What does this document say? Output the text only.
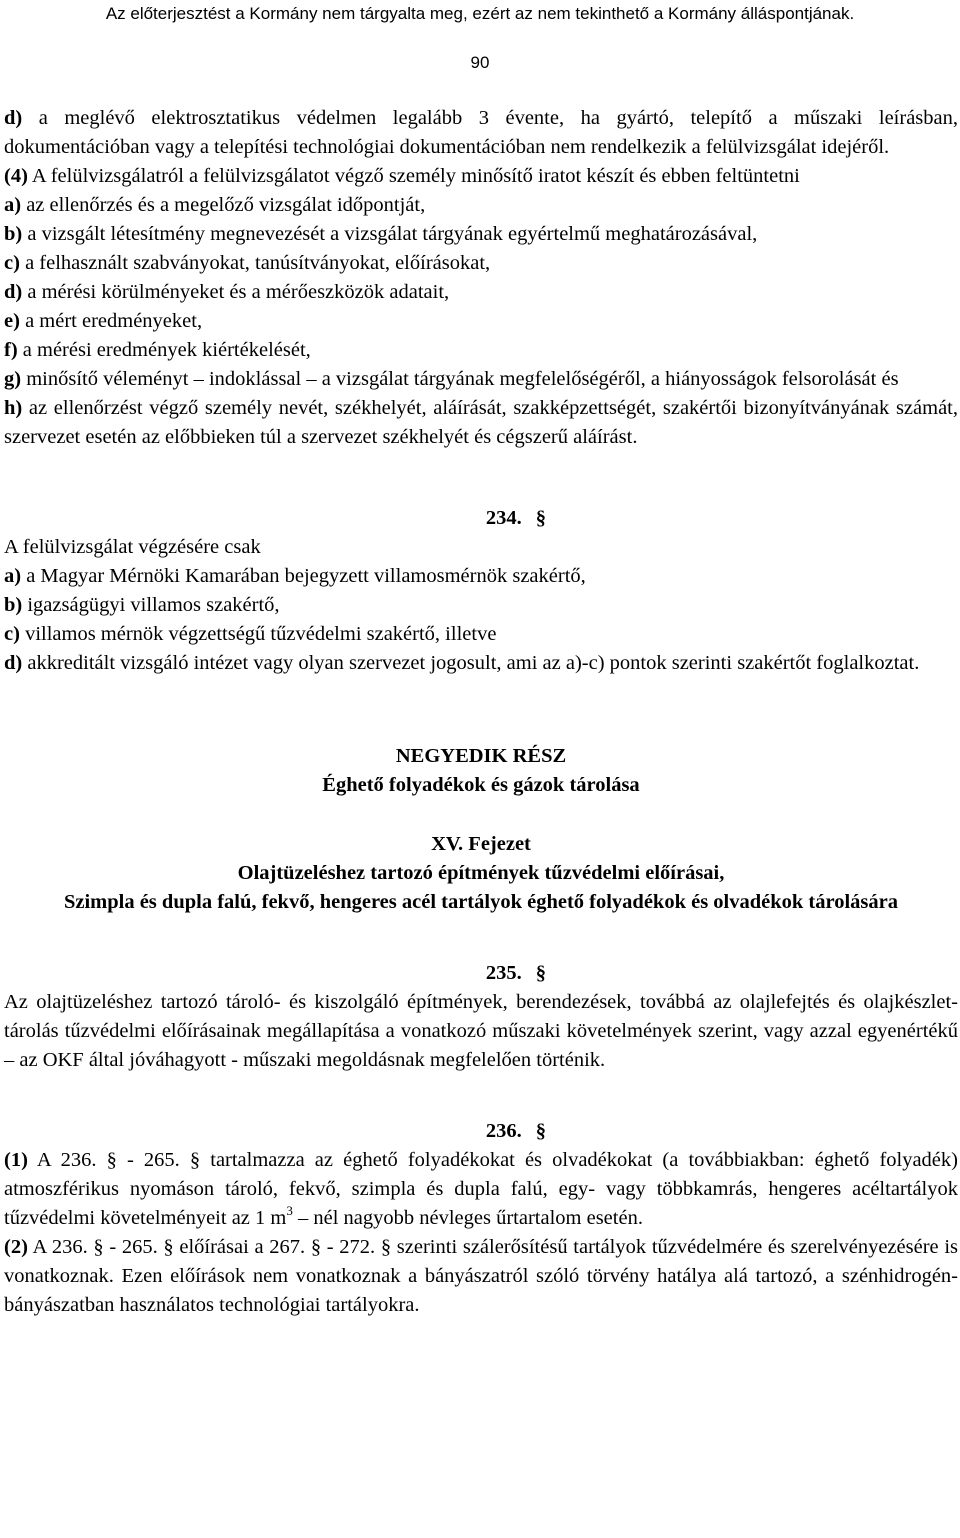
Az előterjesztést a Kormány nem tárgyalta meg, ezért az nem tekinthető a Kormány álláspontjának.
90

d) a meglévő elektrosztatikus védelmen legalább 3 évente, ha gyártó, telepítő a műszaki leírásban, dokumentációban vagy a telepítési technológiai dokumentációban nem rendelkezik a felülvizsgálat idejéről.

(4) A felülvizsgálatról a felülvizsgálatot végző személy minősítő iratot készít és ebben feltüntetni

a) az ellenőrzés és a megelőző vizsgálat időpontját,

b) a vizsgált létesítmény megnevezését a vizsgálat tárgyának egyértelmű meghatározásával,

c) a felhasznált szabványokat, tanúsítványokat, előírásokat,

d) a mérési körülményeket és a mérőeszközök adatait,

e) a mért eredményeket,

f) a mérési eredmények kiértékelését,

g) minősítő véleményt – indoklással – a vizsgálat tárgyának megfelelőségéről, a hiányosságok felsorolását és

h) az ellenőrzést végző személy nevét, székhelyét, aláírását, szakképzettségét, szakértői bizonyítványának számát, szervezet esetén az előbbieken túl a szervezet székhelyét és cégszerű aláírást.

234. §

A felülvizsgálat végzésére csak

a) a Magyar Mérnöki Kamarában bejegyzett villamosmérnök szakértő,

b) igazságügyi villamos szakértő,

c) villamos mérnök végzettségű tűzvédelmi szakértő, illetve

d) akkreditált vizsgáló intézet vagy olyan szervezet jogosult, ami az a)-c) pontok szerinti szakértőt foglalkoztat.

NEGYEDIK RÉSZ

Éghető folyadékok és gázok tárolása

XV. Fejezet

Olajtüzeléshez tartozó építmények tűzvédelmi előírásai,

Szimpla és dupla falú, fekvő, hengeres acél tartályok éghető folyadékok és olvadékok tárolására

235. §

Az olajtüzeléshez tartozó tároló- és kiszolgáló építmények, berendezések, továbbá az olajlefejtés és olajkészlet-tárolás tűzvédelmi előírásainak megállapítása a vonatkozó műszaki követelmények szerint, vagy azzal egyenértékű – az OKF által jóváhagyott - műszaki megoldásnak megfelelően történik.

236. §

(1) A 236. § - 265. § tartalmazza az éghető folyadékokat és olvadékokat (a továbbiakban: éghető folyadék) atmoszférikus nyomáson tároló, fekvő, szimpla és dupla falú, egy- vagy többkamrás, hengeres acéltartályok tűzvédelmi követelményeit az 1 $m^3$ – nél nagyobb névleges űrtartalom esetén.

(2) A 236. § - 265. § előírásai a 267. § - 272. § szerinti szálerősítésű tartályok tűzvédelmére és szerelvényezésére is vonatkoznak. Ezen előírások nem vonatkoznak a bányászatról szóló törvény hatálya alá tartozó, a szénhidrogén-bányászatban használatos technológiai tartályokra.
